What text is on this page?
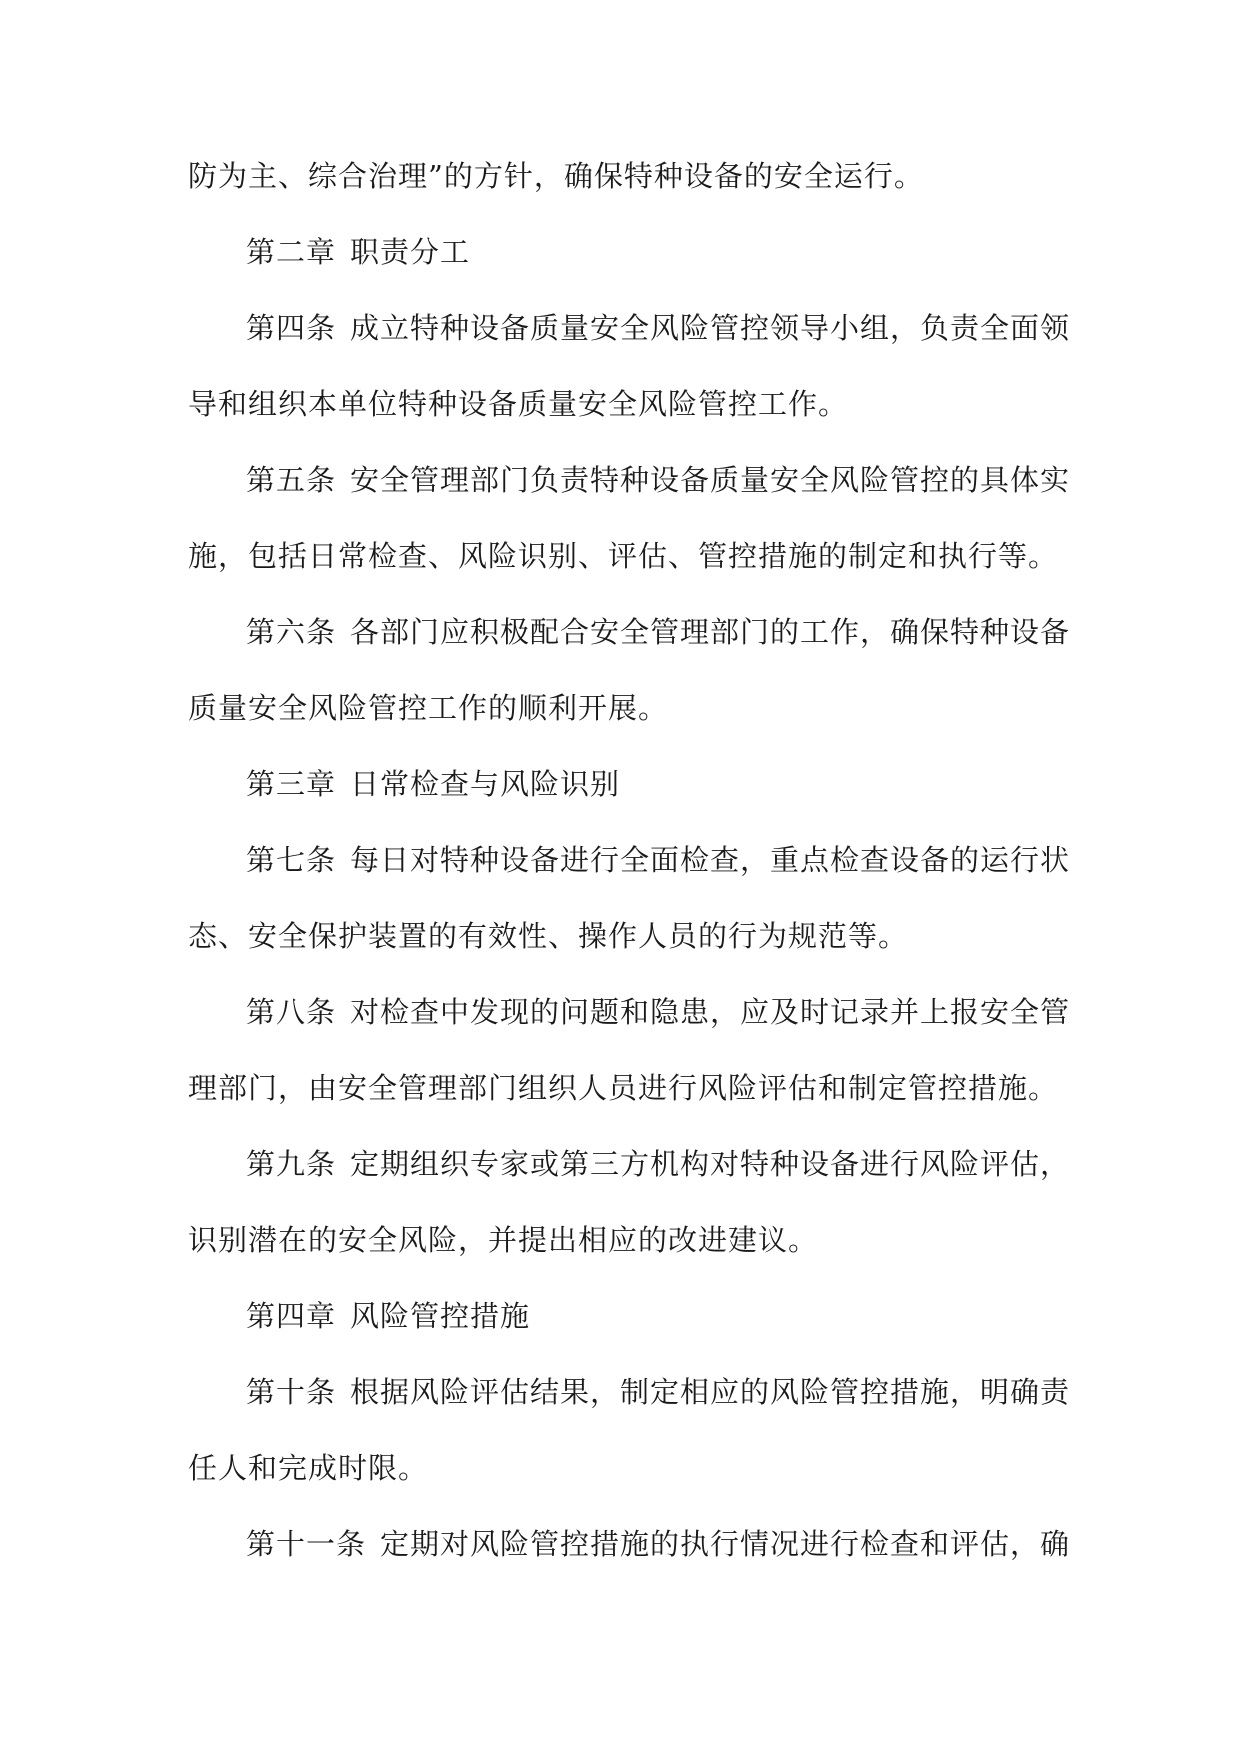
防为主、综合治理”的方针，确保特种设备的安全运行。
第二章 职责分工
第四条 成立特种设备质量安全风险管控领导小组，负责全面领
导和组织本单位特种设备质量安全风险管控工作。
第五条 安全管理部门负责特种设备质量安全风险管控的具体实
施，包括日常检查、风险识别、评估、管控措施的制定和执行等。
第六条 各部门应积极配合安全管理部门的工作，确保特种设备
质量安全风险管控工作的顺利开展。
第三章 日常检查与风险识别
第七条 每日对特种设备进行全面检查，重点检查设备的运行状
态、安全保护装置的有效性、操作人员的行为规范等。
第八条 对检查中发现的问题和隐患，应及时记录并上报安全管
理部门，由安全管理部门组织人员进行风险评估和制定管控措施。
第九条 定期组织专家或第三方机构对特种设备进行风险评估，
识别潜在的安全风险，并提出相应的改进建议。
第四章 风险管控措施
第十条 根据风险评估结果，制定相应的风险管控措施，明确责
任人和完成时限。
第十一条 定期对风险管控措施的执行情况进行检查和评估，确
